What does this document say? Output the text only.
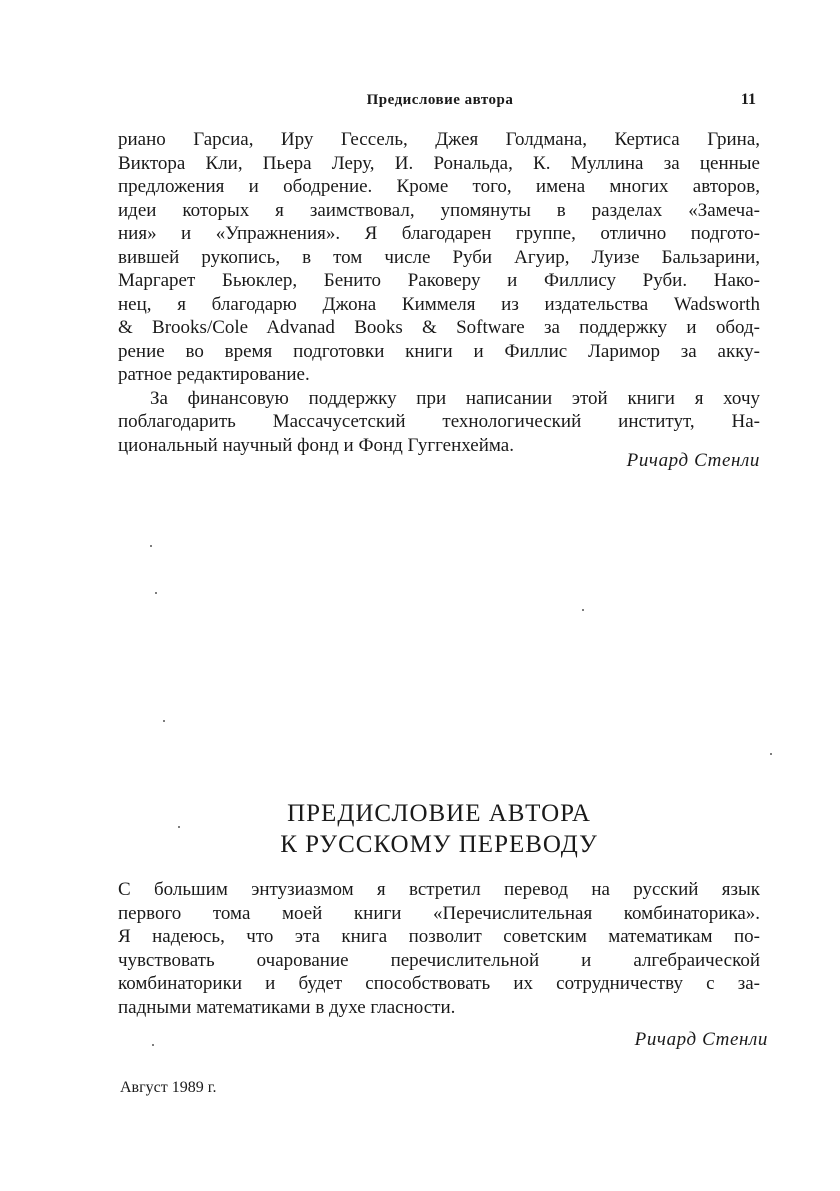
Предисловие автора	11
риано Гарсиа, Иру Гессель, Джея Голдмана, Кертиса Грина,
Виктора Кли, Пьера Леру, И. Рональда, К. Муллина за ценные
предложения и ободрение. Кроме того, имена многих авторов,
идеи которых я заимствовал, упомянуты в разделах «Замеча-
ния» и «Упражнения». Я благодарен группе, отлично подгото-
вившей рукопись, в том числе Руби Агуир, Луизе Бальзарини,
Маргарет Бьюклер, Бенито Раковеру и Филлису Руби. Нако-
нец, я благодарю Джона Киммеля из издательства Wadsworth
& Brooks/Cole Advanad Books & Software за поддержку и обод-
рение во время подготовки книги и Филлис Ларимор за акку-
ратное редактирование.
За финансовую поддержку при написании этой книги я хочу
поблагодарить Массачусетский технологический институт, На-
циональный научный фонд и Фонд Гуггенхейма.
Ричард Стенли
ПРЕДИСЛОВИЕ АВТОРА
К РУССКОМУ ПЕРЕВОДУ
С большим энтузиазмом я встретил перевод на русский язык
первого тома моей книги «Перечислительная комбинаторика».
Я надеюсь, что эта книга позволит советским математикам по-
чувствовать очарование перечислительной и алгебраической
комбинаторики и будет способствовать их сотрудничеству с за-
падными математиками в духе гласности.
Ричард Стенли
Август 1989 г.
